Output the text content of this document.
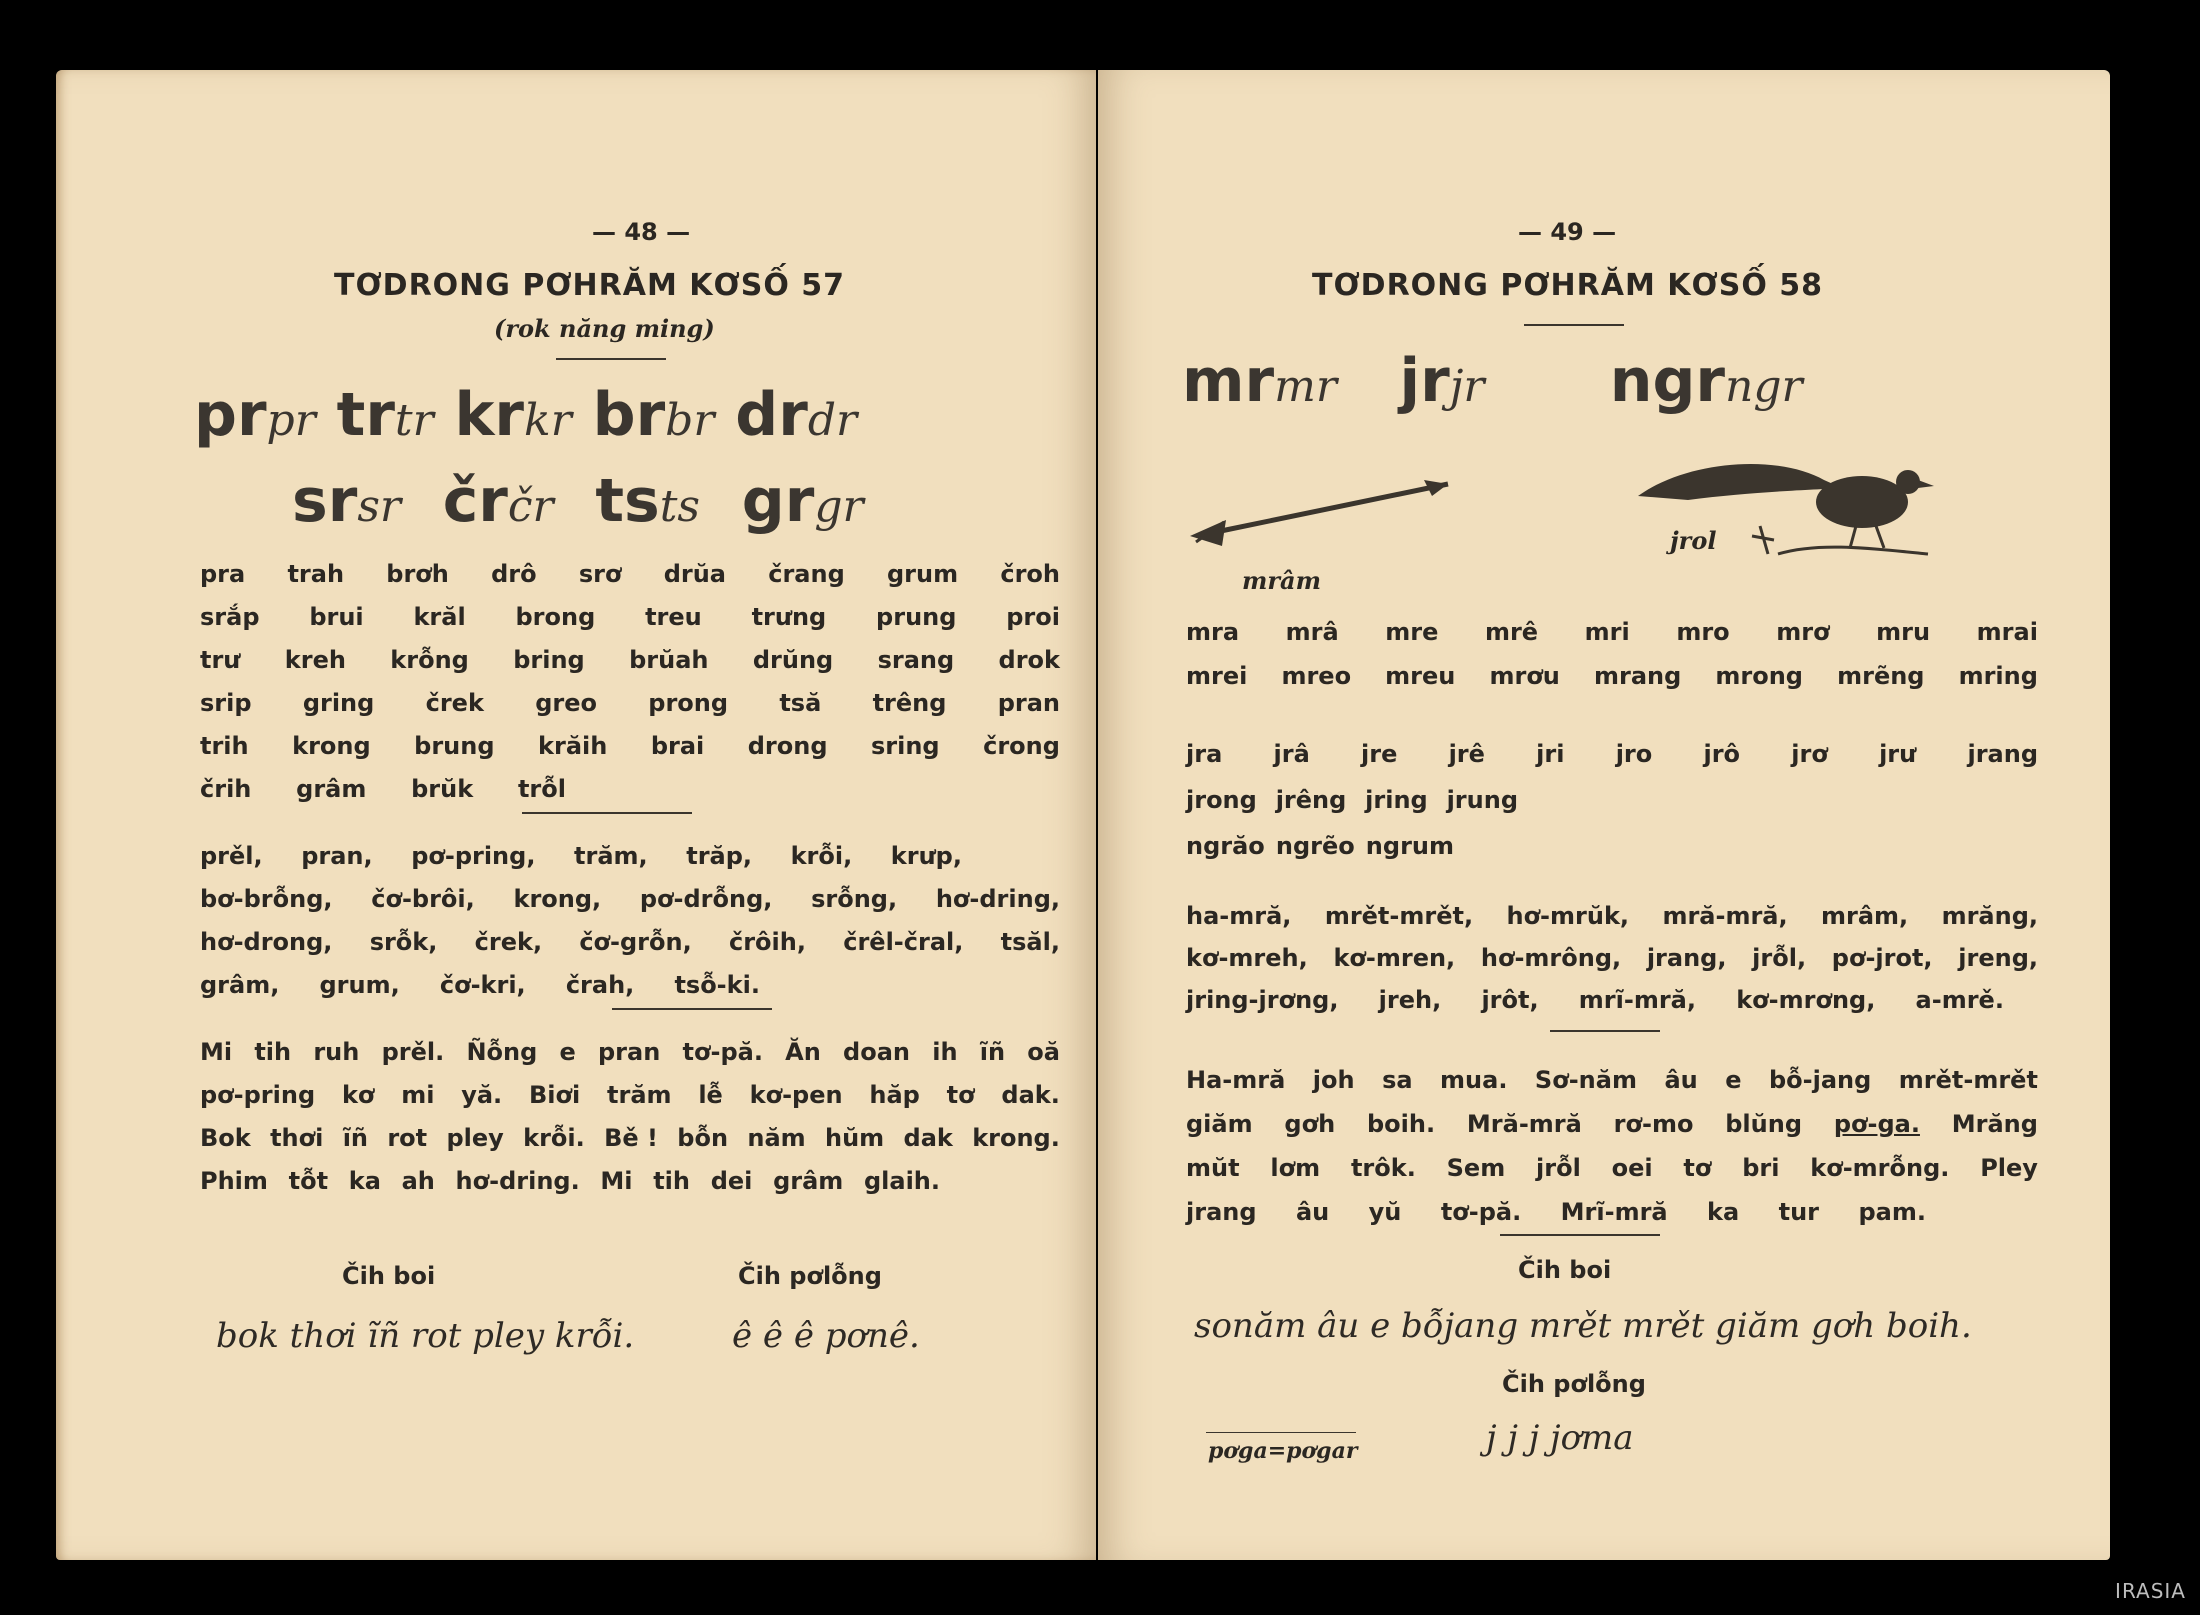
— 48 —
TƠDRONG PƠHRĂM KƠSỐ 57
(rok năng ming)
prpr trtr krkr brbr drdr
srsr črčr tsts grgr
pra trah brơh drô srơ drŭa črang grum čroh
srắp brui krăl brong treu trưng prung proi
trư kreh krỗng bring brŭah drŭng srang drok
srip gring črek greo prong tsă trêng pran
trih krong brung krăih brai drong sring črong
črih grâm brŭk trỗl
prěl, pran, pơ-pring, trăm, trăp, krỗi, krưp,
bơ-brỗng, čơ-brôi, krong, pơ-drỗng, srỗng, hơ-dring,
hơ-drong, srỗk, črek, čơ-grỗn, črôih, črêl-čral, tsăl,
grâm, grum, čơ-kri, črah, tsỗ-ki.
Mi tih ruh prěl. Ñỗng e pran tơ-pă. Ăn doan ih ĩñ oă
pơ-pring kơ mi yă. Biơi trăm lễ kơ-pen hăp tơ dak.
Bok thơi ĩñ rot pley krỗi. Bě ! bỗn năm hŭm dak krong.
Phim tỗt ka ah hơ-dring. Mi tih dei grâm glaih.
Čih boi	Čih pơlỗng
bok thơi ĩñ rot pley krỗi.	ê ê ê pơnê.
— 49 —
TƠDRONG PƠHRĂM KƠSỐ 58
mrmr jrjr ngrngr
mrâm
jrol
mra mrâ mre mrê mri mro mrơ mru mrai
mrei mreo mreu mrơu mrang mrong mrẽng mring
jra jrâ jre jrê jri jro jrô jrơ jrư jrang
jrong jrêng jring jrung
ngrăo ngrẽo ngrum
ha-mră, mrět-mrět, hơ-mrŭk, mră-mră, mrâm, mrăng,
kơ-mreh, kơ-mren, hơ-mrông, jrang, jrỗl, pơ-jrot, jreng,
jring-jrơng, jreh, jrôt, mrĩ-mră, kơ-mrơng, a-mrě.
Ha-mră joh sa mua. Sơ-năm âu e bỗ-jang mrět-mrět
giăm gơh boih. Mră-mră rơ-mo blŭng pơ-ga. Mrăng
mŭt lơm trôk. Sem jrỗl oei tơ bri kơ-mrỗng. Pley
jrang âu yŭ tơ-pă. Mrĩ-mră ka tur pam.
Čih boi
sonăm âu e bỗjang mrět mrět giăm gơh boih.
Čih pơlỗng
j j j jơma
pơga=pơgar
IRASIA
